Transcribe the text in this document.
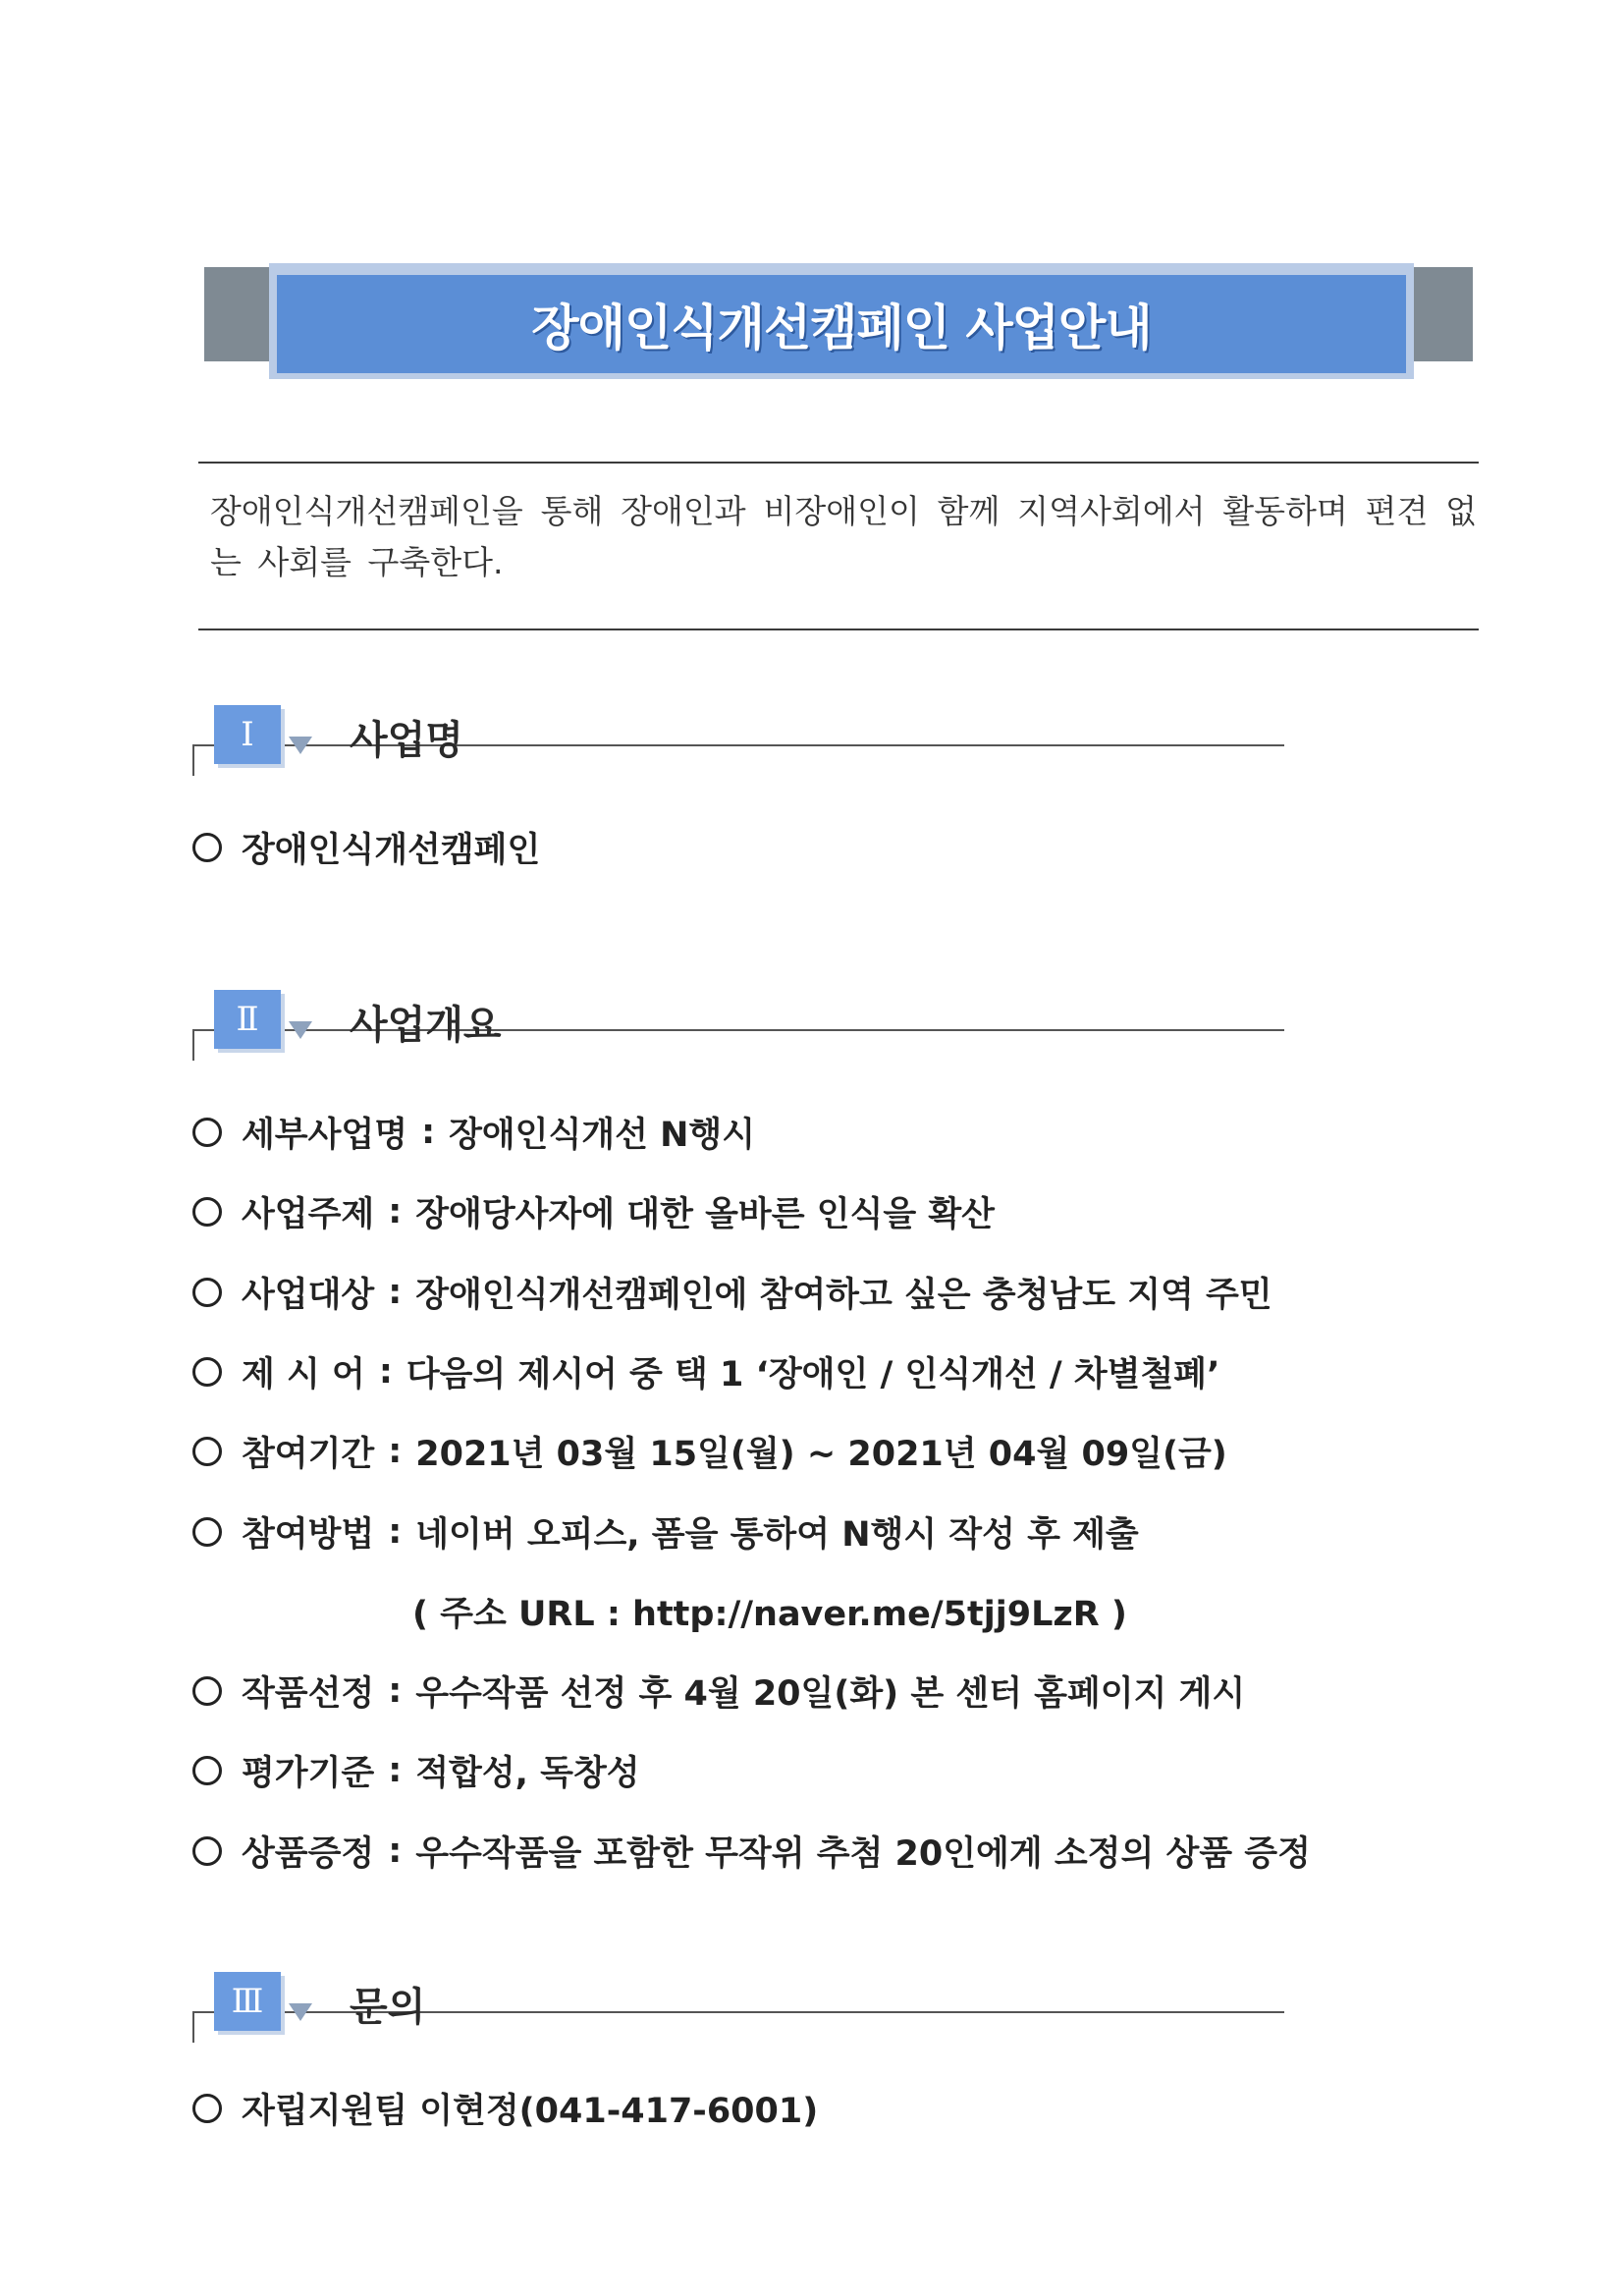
장애인식개선캠페인 사업안내
장애인식개선캠페인을 통해 장애인과 비장애인이 함께 지역사회에서 활동하며 편견 없는 사회를 구축한다.
Ⅰ	사업명
장애인식개선캠페인
Ⅱ	사업개요
세부사업명 : 장애인식개선 N행시
사업주제 : 장애당사자에 대한 올바른 인식을 확산
사업대상 : 장애인식개선캠페인에 참여하고 싶은 충청남도 지역 주민
제 시 어 : 다음의 제시어 중 택 1 ‘장애인 / 인식개선 / 차별철폐’
참여기간 : 2021년 03월 15일(월) ~ 2021년 04월 09일(금)
참여방법 : 네이버 오피스, 폼을 통하여 N행시 작성 후 제출
( 주소 URL : http://naver.me/5tjj9LzR )
작품선정 : 우수작품 선정 후 4월 20일(화) 본 센터 홈페이지 게시
평가기준 : 적합성, 독창성
상품증정 : 우수작품을 포함한 무작위 추첨 20인에게 소정의 상품 증정
Ⅲ	문의
자립지원팀 이현정(041-417-6001)
